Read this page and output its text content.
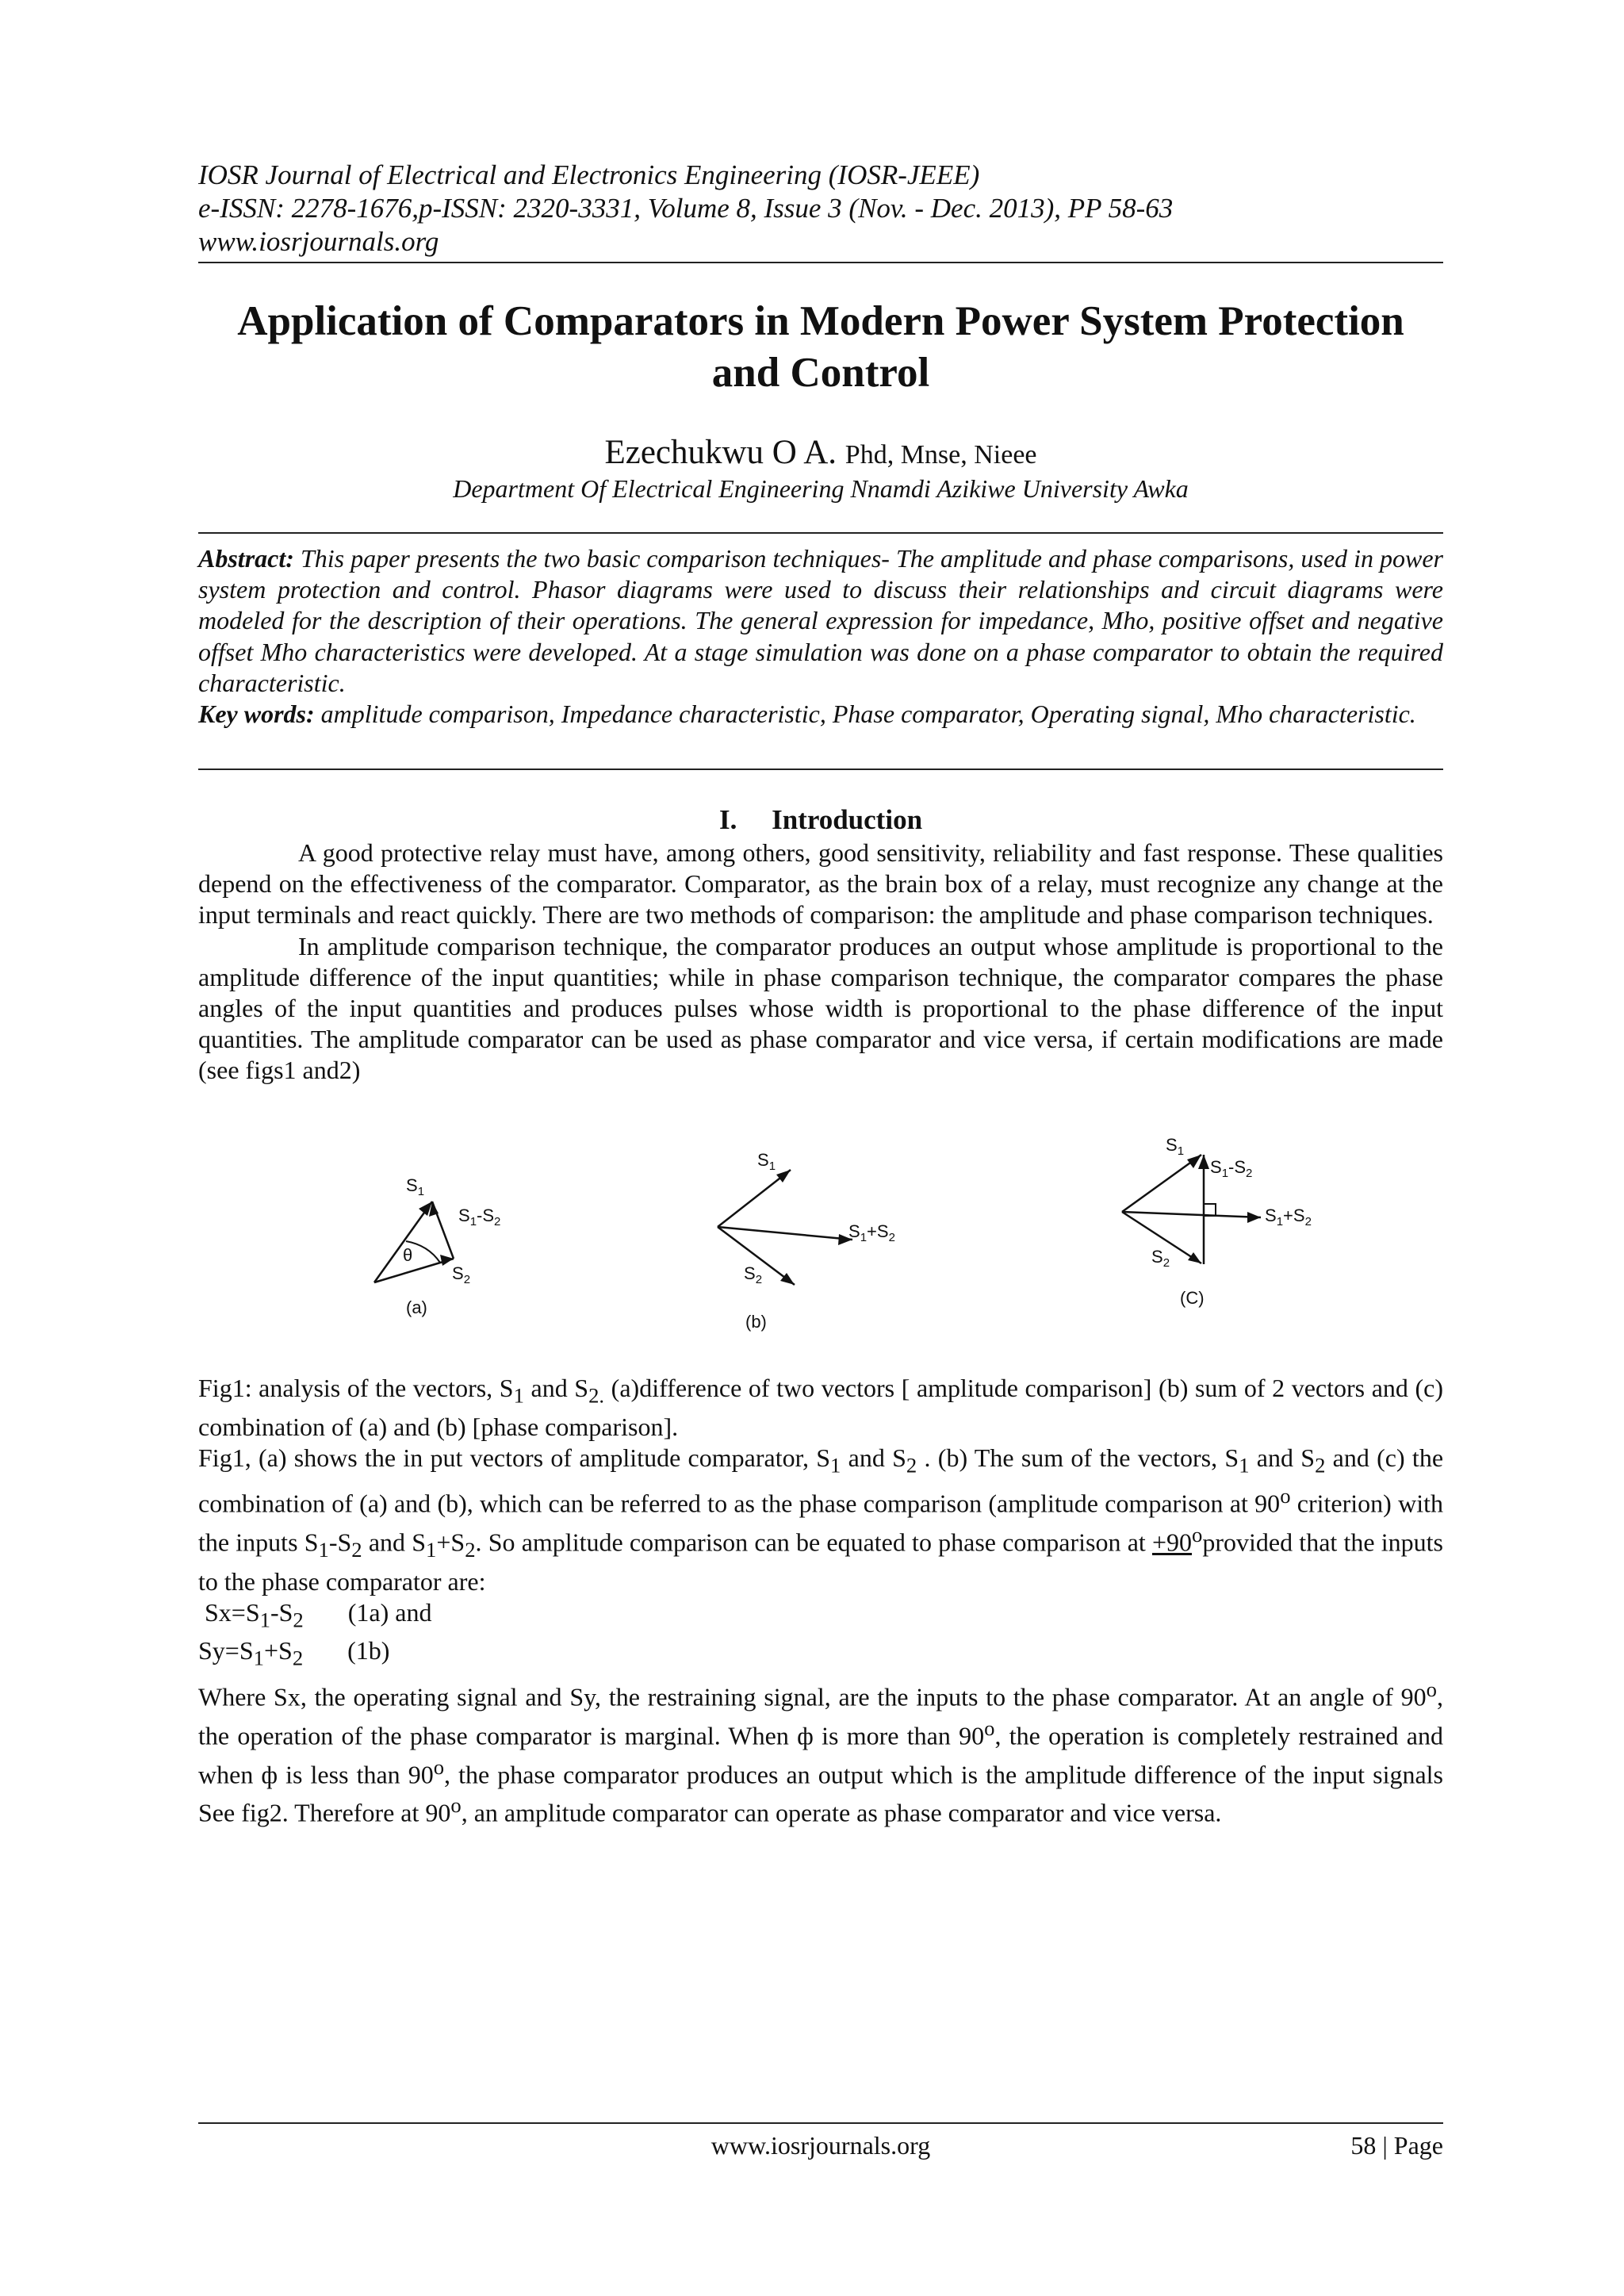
IOSR Journal of Electrical and Electronics Engineering (IOSR-JEEE)
e-ISSN: 2278-1676,p-ISSN: 2320-3331, Volume 8, Issue 3 (Nov. - Dec. 2013), PP 58-63
www.iosrjournals.org
Application of Comparators in Modern Power System Protection and Control
Ezechukwu O A. Phd, Mnse, Nieee
Department Of Electrical Engineering Nnamdi Azikiwe University Awka

Abstract: This paper presents the two basic comparison techniques- The amplitude and phase comparisons, used in power system protection and control. Phasor diagrams were used to discuss their relationships and circuit diagrams were modeled for the description of their operations. The general expression for impedance, Mho, positive offset and negative offset Mho characteristics were developed. At a stage simulation was done on a phase comparator to obtain the required characteristic.

Key words: amplitude comparison, Impedance characteristic, Phase comparator, Operating signal, Mho characteristic.

I. Introduction

A good protective relay must have, among others, good sensitivity, reliability and fast response. These qualities depend on the effectiveness of the comparator. Comparator, as the brain box of a relay, must recognize any change at the input terminals and react quickly. There are two methods of comparison: the amplitude and phase comparison techniques.

In amplitude comparison technique, the comparator produces an output whose amplitude is proportional to the amplitude difference of the input quantities; while in phase comparison technique, the comparator compares the phase angles of the input quantities and produces pulses whose width is proportional to the phase difference of the input quantities. The amplitude comparator can be used as phase comparator and vice versa, if certain modifications are made (see figs1 and2)

θ
$S_1$
$S_1-S_2$
$S_2$
(a)
$S_1$
$S_1+S_2$
$S_2$
(b)
$S_1$
$S_1-S_2$
$S_1+S_2$
$S_2$
(C)

Fig1: analysis of the vectors, $S_1$ and $S_{2.}$ (a)difference of two vectors [ amplitude comparison] (b) sum of 2 vectors and (c) combination of (a) and (b) [phase comparison].

Fig1, (a) shows the in put vectors of amplitude comparator, $S_1$ and $S_2$ . (b) The sum of the vectors, $S_1$ and $S_2$ and (c) the combination of (a) and (b), which can be referred to as the phase comparison (amplitude comparison at 90$^o$ criterion) with the inputs $S_1-S_2$ and $S_1+S_2$. So amplitude comparison can be equated to phase comparison at $+90^oprovided$ that the inputs to the phase comparator are:

$Sx=S_1-S_2$       (1a) and

$Sy=S_1+S_2$       (1b)

Where Sx, the operating signal and Sy, the restraining signal, are the inputs to the phase comparator. At an angle of 90$^o$, the operation of the phase comparator is marginal. When ф is more than 90$^o$, the operation is completely restrained and when ф is less than 90$^o$, the phase comparator produces an output which is the amplitude difference of the input signals See fig2. Therefore at 90$^o$, an amplitude comparator can operate as phase comparator and vice versa.

www.iosrjournals.org	58 | Page
